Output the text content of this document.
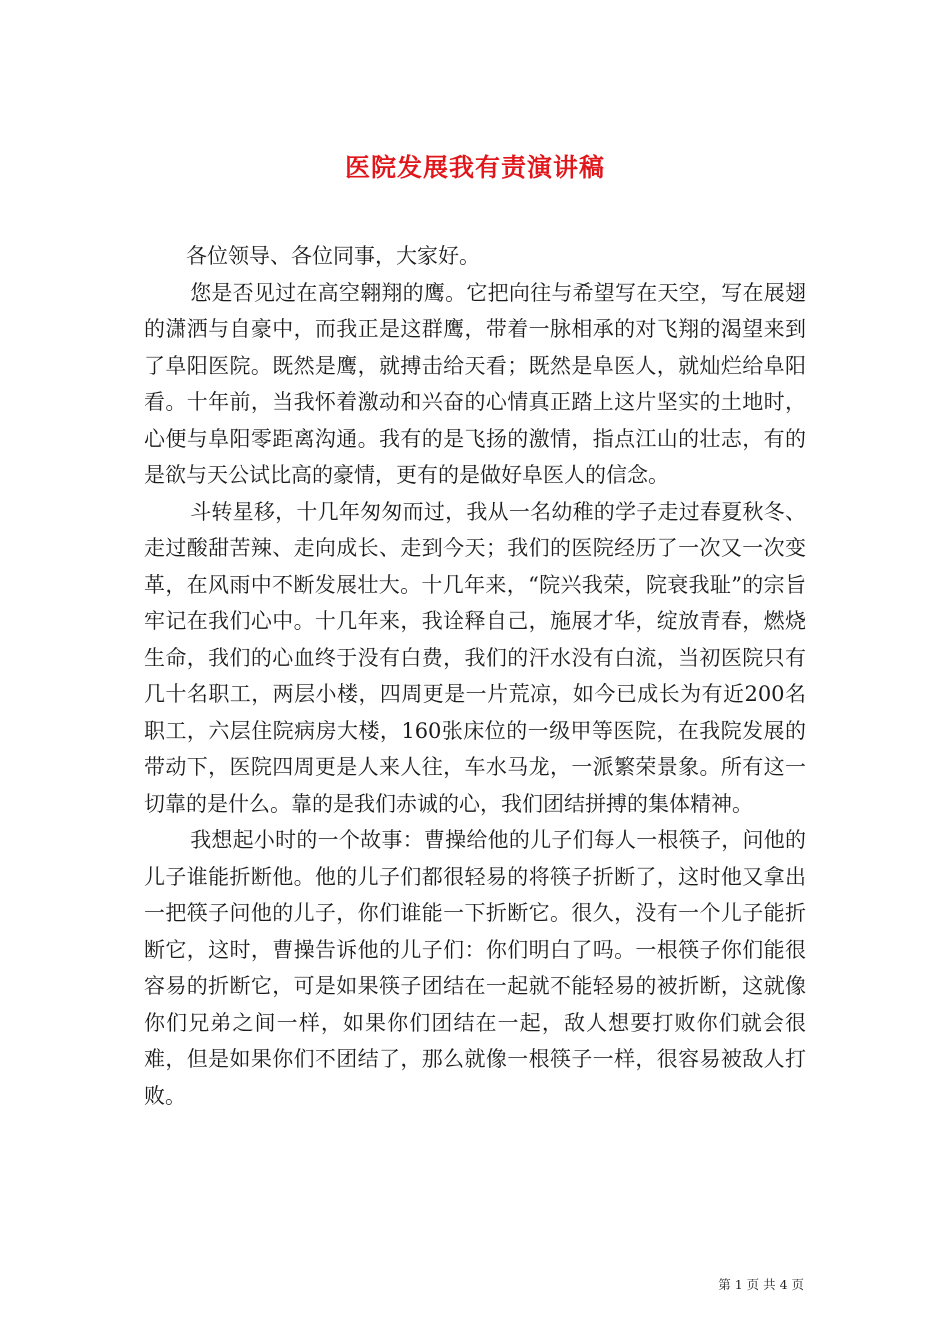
医院发展我有责演讲稿

各位领导、各位同事，大家好。

您是否见过在高空翱翔的鹰。它把向往与希望写在天空，写在展翅的潇洒与自豪中，而我正是这群鹰，带着一脉相承的对飞翔的渴望来到了阜阳医院。既然是鹰，就搏击给天看；既然是阜医人，就灿烂给阜阳看。十年前，当我怀着激动和兴奋的心情真正踏上这片坚实的土地时，心便与阜阳零距离沟通。我有的是飞扬的激情，指点江山的壮志，有的是欲与天公试比高的豪情，更有的是做好阜医人的信念。

斗转星移，十几年匆匆而过，我从一名幼稚的学子走过春夏秋冬、走过酸甜苦辣、走向成长、走到今天；我们的医院经历了一次又一次变革，在风雨中不断发展壮大。十几年来，“院兴我荣，院衰我耻”的宗旨牢记在我们心中。十几年来，我诠释自己，施展才华，绽放青春，燃烧生命，我们的心血终于没有白费，我们的汗水没有白流，当初医院只有几十名职工，两层小楼，四周更是一片荒凉，如今已成长为有近200名职工，六层住院病房大楼，160张床位的一级甲等医院，在我院发展的带动下，医院四周更是人来人往，车水马龙，一派繁荣景象。所有这一切靠的是什么。靠的是我们赤诚的心，我们团结拼搏的集体精神。

我想起小时的一个故事：曹操给他的儿子们每人一根筷子，问他的儿子谁能折断他。他的儿子们都很轻易的将筷子折断了，这时他又拿出一把筷子问他的儿子，你们谁能一下折断它。很久，没有一个儿子能折断它，这时，曹操告诉他的儿子们：你们明白了吗。一根筷子你们能很容易的折断它，可是如果筷子团结在一起就不能轻易的被折断，这就像你们兄弟之间一样，如果你们团结在一起，敌人想要打败你们就会很难，但是如果你们不团结了，那么就像一根筷子一样，很容易被敌人打败。

第 1 页 共 4 页
